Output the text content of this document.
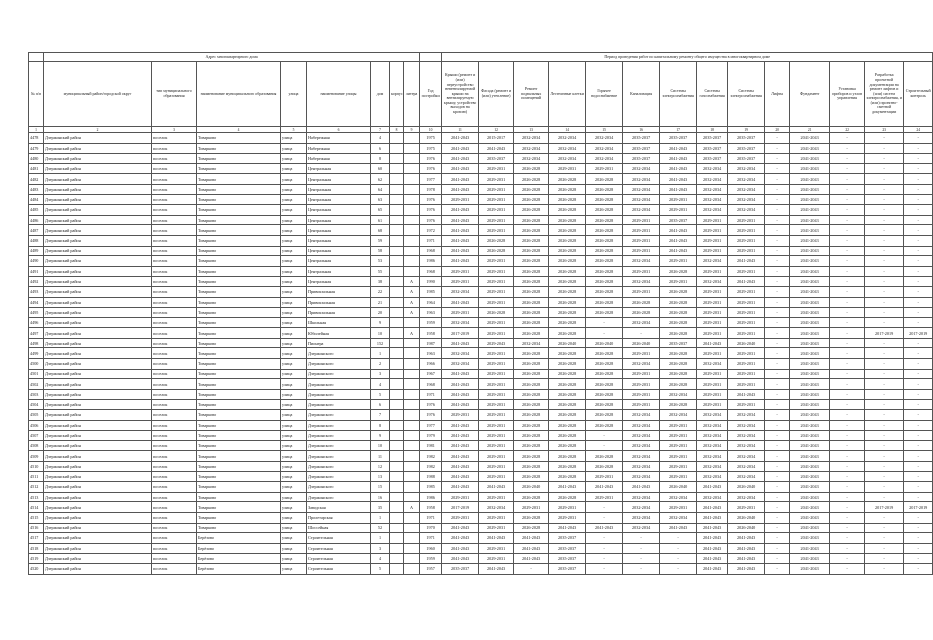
	Адрес многоквартирного дома									Период проведения работ по капитальному ремонту общего имущества в многоквартирном доме													
№ п/п	муниципальный район/городской округ	тип муниципального образования	наименование муниципального образования	улица	наименование улицы	дом	корпус	литера	Год постройки	Крыши (ремонт и (или) переустройство невентилируемой крыши на вентилируемую крышу, устройство выходов на кровлю)	Фасада (ремонт и (или) утепление)	Ремонт подвальных помещений	Лестничные клетки	Горячее водоснабжение	Канализация	Системы электроснабжения	Системы газоснабжения	Системы электроснабжения	Лифты	Фундамент	Установка приборов и узлов управления	Разработка проектной документации на ремонт лифтов и (или) систем электроснабжения, и (или) проектно-сметной документации	Строительный контроль
1	2	3	4	5	6	7	8	9	10	11	12	13	14	15	16	17	18	19	20	21	22	23	24
4478	Дзержинский район	поселок	Товарково	улица	Набережная	4			1975	2041-2043	2015-2017	2032-2034	2032-2034	2032-2034	2035-2037	2035-2037	2035-2037	2035-2037	-	2041-2043	-	-	-
4479	Дзержинский район	поселок	Товарково	улица	Набережная	6			1975	2041-2043	2041-2043	2032-2034	2032-2034	2032-2034	2035-2037	2041-2043	2035-2037	2035-2037	-	2041-2043	-	-	-
4480	Дзержинский район	поселок	Товарково	улица	Набережная	8			1976	2041-2043	2035-2037	2032-2034	2032-2034	2032-2034	2035-2037	2041-2043	2035-2037	2035-2037	-	2041-2043	-	-	-
4481	Дзержинский район	поселок	Товарково	улица	Центральная	60			1976	2041-2043	2029-2031	2026-2028	2029-2031	2029-2031	2032-2034	2041-2043	2032-2034	2032-2034	-	2041-2043	-	-	-
4482	Дзержинский район	поселок	Товарково	улица	Центральная	62			1977	2041-2043	2029-2031	2026-2028	2026-2028	2026-2028	2032-2034	2041-2043	2032-2034	2032-2034	-	2041-2043	-	-	-
4483	Дзержинский район	поселок	Товарково	улица	Центральная	64			1978	2041-2043	2029-2031	2026-2028	2026-2028	2026-2028	2032-2034	2041-2043	2032-2034	2032-2034	-	2041-2043	-	-	-
4484	Дзержинский район	поселок	Товарково	улица	Центральная	63			1976	2029-2031	2029-2031	2026-2028	2026-2028	2026-2028	2032-2034	2029-2031	2032-2034	2032-2034	-	2041-2043	-	-	-
4485	Дзержинский район	поселок	Товарково	улица	Центральная	65			1976	2041-2043	2029-2031	2026-2028	2026-2028	2026-2028	2032-2034	2029-2031	2032-2034	2032-2034	-	2041-2043	-	-	-
4486	Дзержинский район	поселок	Товарково	улица	Центральная	61			1976	2041-2043	2029-2031	2026-2028	2026-2028	2026-2028	2029-2031	2035-2037	2029-2031	2029-2031	-	2041-2043	-	-	-
4487	Дзержинский район	поселок	Товарково	улица	Центральная	68			1972	2041-2043	2029-2031	2026-2028	2026-2028	2026-2028	2029-2031	2041-2043	2029-2031	2029-2031	-	2041-2043	-	-	-
4488	Дзержинский район	поселок	Товарково	улица	Центральная	59			1971	2041-2043	2026-2028	2026-2028	2026-2028	2026-2028	2029-2031	2041-2043	2029-2031	2029-2031	-	2041-2043	-	-	-
4489	Дзержинский район	поселок	Товарково	улица	Центральная	58			1968	2041-2043	2026-2028	2026-2028	2026-2028	2026-2028	2029-2031	2041-2043	2029-2031	2029-2031	-	2041-2043	-	-	-
4490	Дзержинский район	поселок	Товарково	улица	Центральная	53			1986	2041-2043	2029-2031	2026-2028	2026-2028	2026-2028	2032-2034	2029-2031	2032-2034	2041-2043	-	2041-2043	-	-	-
4491	Дзержинский район	поселок	Товарково	улица	Центральная	55			1968	2029-2031	2029-2031	2026-2028	2026-2028	2026-2028	2029-2031	2026-2028	2029-2031	2029-2031	-	2041-2043	-	-	-
4492	Дзержинский район	поселок	Товарково	улица	Центральная	38		А	1990	2029-2031	2029-2031	2026-2028	2026-2028	2026-2028	2032-2034	2029-2031	2032-2034	2041-2043	-	2041-2043	-	-	-
4493	Дзержинский район	поселок	Товарково	улица	Привокзальная	22		А	1985	2032-2034	2029-2031	2026-2028	2026-2028	2026-2028	2029-2031	2026-2028	2029-2031	2029-2031	-	2041-2043	-	-	-
4494	Дзержинский район	поселок	Товарково	улица	Привокзальная	21		А	1964	2041-2043	2029-2031	2026-2028	2026-2028	2026-2028	2026-2028	2026-2028	2029-2031	2029-2031	-	2041-2043	-	-	-
4495	Дзержинский район	поселок	Товарково	улица	Привокзальная	20		А	1963	2029-2031	2026-2028	2026-2028	2026-2028	2026-2028	2026-2028	2026-2028	2029-2031	2029-2031	-	2041-2043	-	-	-
4496	Дзержинский район	поселок	Товарково	улица	Школьная	9			1959	2032-2034	2029-2031	2026-2028	2026-2028	-	2032-2034	2026-2028	2029-2031	2029-2031	-	2041-2043	-	-	-
4497	Дзержинский район	поселок	Товарково	улица	Юбилейная	10		А	1958	2017-2019	2029-2031	2026-2028	2026-2028	-	-	2026-2028	2029-2031	2029-2031	-	2041-2043	-	2017-2019	2017-2019
4498	Дзержинский район	поселок	Товарково	улица	Пионера	152			1987	2041-2043	2029-2043	2032-2034	2026-2040	2026-2040	2026-2040	2035-2037	2041-2043	2026-2040	-	2041-2043	-	-	-
4499	Дзержинский район	поселок	Товарково	улица	Дзержинского	1			1963	2032-2034	2029-2031	2026-2028	2026-2028	2026-2028	2029-2031	2026-2028	2029-2031	2029-2031	-	2041-2043	-	-	-
4500	Дзержинский район	поселок	Товарково	улица	Дзержинского	2			1966	2032-2034	2029-2031	2026-2028	2026-2028	2026-2028	2032-2034	2026-2028	2032-2034	2029-2031	-	2041-2043	-	-	-
4501	Дзержинский район	поселок	Товарково	улица	Дзержинского	3			1967	2041-2043	2029-2031	2026-2028	2026-2028	2026-2028	2029-2031	2026-2028	2029-2031	2029-2031	-	2041-2043	-	-	-
4502	Дзержинский район	поселок	Товарково	улица	Дзержинского	4			1968	2041-2043	2029-2031	2026-2028	2026-2028	2026-2028	2029-2031	2026-2028	2029-2031	2029-2031	-	2041-2043	-	-	-
4503	Дзержинский район	поселок	Товарково	улица	Дзержинского	5			1971	2041-2043	2029-2031	2026-2028	2026-2028	2026-2028	2029-2031	2032-2034	2029-2031	2041-2043	-	2041-2043	-	-	-
4504	Дзержинский район	поселок	Товарково	улица	Дзержинского	6			1976	2041-2043	2029-2031	2026-2028	2026-2028	2026-2028	2029-2031	2026-2028	2029-2031	2029-2031	-	2041-2043	-	-	-
4505	Дзержинский район	поселок	Товарково	улица	Дзержинского	7			1976	2029-2031	2029-2031	2026-2028	2026-2028	2026-2028	2032-2034	2032-2034	2032-2034	2032-2034	-	2041-2043	-	-	-
4506	Дзержинский район	поселок	Товарково	улица	Дзержинского	8			1977	2041-2043	2029-2031	2026-2028	2026-2028	2026-2028	2032-2034	2029-2031	2032-2034	2032-2034	-	2041-2043	-	-	-
4507	Дзержинский район	поселок	Товарково	улица	Дзержинского	9			1979	2041-2043	2029-2031	2026-2028	2026-2028	-	2032-2034	2029-2031	2032-2034	2032-2034	-	2041-2043	-	-	-
4508	Дзержинский район	поселок	Товарково	улица	Дзержинского	10			1981	2041-2043	2029-2031	2026-2028	2026-2028	-	2032-2034	2029-2031	2032-2034	2032-2034	-	2041-2043	-	-	-
4509	Дзержинский район	поселок	Товарково	улица	Дзержинского	11			1982	2041-2043	2029-2031	2026-2028	2026-2028	2026-2028	2032-2034	2029-2031	2032-2034	2032-2034	-	2041-2043	-	-	-
4510	Дзержинский район	поселок	Товарково	улица	Дзержинского	12			1982	2041-2043	2029-2031	2026-2028	2026-2028	2026-2028	2032-2034	2029-2031	2032-2034	2032-2034	-	2041-2043	-	-	-
4511	Дзержинский район	поселок	Товарково	улица	Дзержинского	13			1988	2041-2043	2029-2031	2026-2028	2026-2028	2029-2031	2032-2034	2029-2031	2032-2034	2032-2034	-	2041-2043	-	-	-
4512	Дзержинский район	поселок	Товарково	улица	Дзержинского	15			1985	2041-2043	2041-2043	2026-2040	2041-2043	2041-2043	2041-2043	2026-2040	2041-2043	2026-2040	-	2041-2043	-	-	-
4513	Дзержинский район	поселок	Товарково	улица	Дзержинского	16			1986	2029-2031	2029-2031	2026-2028	2026-2028	2029-2031	2032-2034	2032-2034	2032-2034	2032-2034	-	2041-2043	-	-	-
4514	Дзержинский район	поселок	Товарково	улица	Заводская	35		А	1958	2017-2019	2032-2034	2029-2031	2029-2031	-	2032-2034	2029-2031	2041-2043	2029-2031	-	2041-2043	-	2017-2019	2017-2019
4515	Дзержинский район	поселок	Товарково	улица	Пролетарская	1			1971	2029-2031	2029-2031	2026-2028	2029-2031	-	2032-2034	2032-2034	2041-2043	2026-2040	-	2041-2043	-	-	-
4516	Дзержинский район	поселок	Товарково	улица	Шоссейная	52			1970	2041-2043	2029-2031	2026-2028	2041-2043	2041-2043	2032-2034	2041-2043	2041-2043	2026-2040	-	2041-2043	-	-	-
4517	Дзержинский район	поселок	Берёзово	улица	Строительная	1			1971	2041-2043	2041-2043	2041-2043	2035-2037	-	-	-	2041-2043	2041-2043	-	2041-2043	-	-	-
4518	Дзержинский район	поселок	Берёзово	улица	Строительная	3			1960	2041-2043	2029-2031	2041-2043	2035-2037	-	-	-	2041-2043	2041-2043	-	2041-2043	-	-	-
4519	Дзержинский район	поселок	Берёзово	улица	Строительная	4			1959	2041-2043	2029-2031	2041-2043	2035-2037	-	-	-	2041-2043	2041-2043	-	2041-2043	-	-	-
4520	Дзержинский район	поселок	Берёзово	улица	Строительная	5			1957	2035-2037	2041-2043	-	2035-2037	-	-	-	2041-2043	2041-2043	-	2041-2043	-	-	-
